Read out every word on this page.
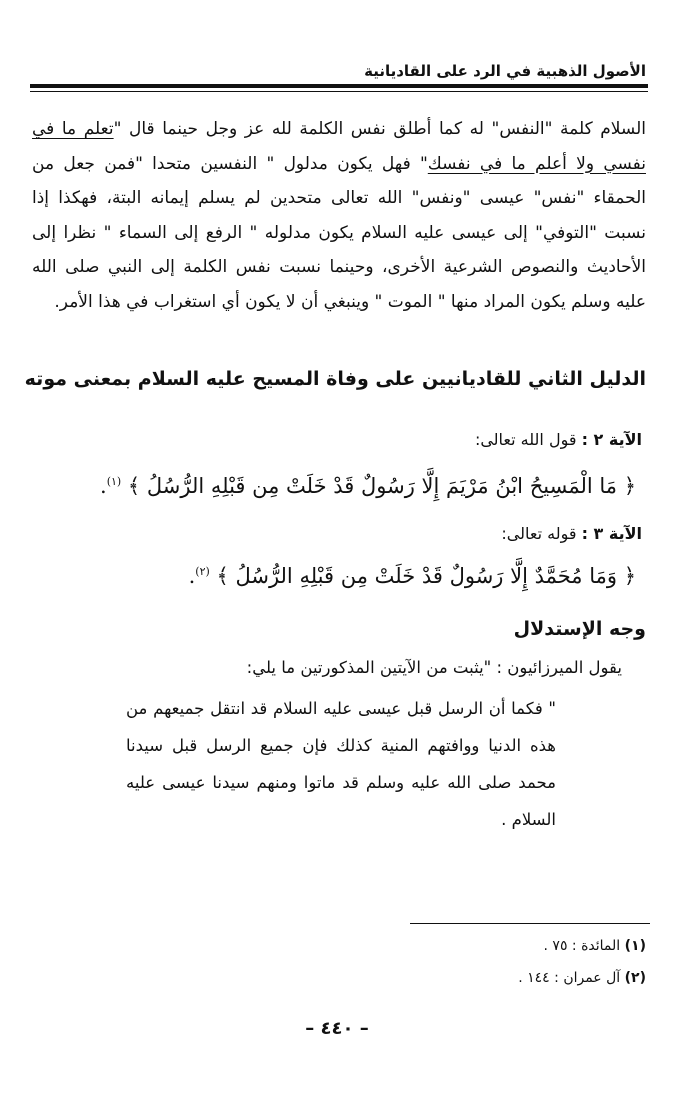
الأصول الذهبية في الرد على القاديانية
السلام كلمة "النفس" له كما أطلق نفس الكلمة لله عز وجل حينما قال "تعلم ما في نفسي ولا أعلم ما في نفسك" فهل يكون مدلول " النفسين متحدا "فمن جعل من الحمقاء "نفس" عيسى "ونفس" الله تعالى متحدين لم يسلم إيمانه البتة، فهكذا إذا نسبت "التوفي" إلى عيسى عليه السلام يكون مدلوله " الرفع إلى السماء " نظرا إلى الأحاديث والنصوص الشرعية الأخرى، وحينما نسبت نفس الكلمة إلى النبي صلى الله عليه وسلم يكون المراد منها " الموت " وينبغي أن لا يكون أي استغراب في هذا الأمر.
الدليل الثاني للقاديانيين على وفاة المسيح عليه السلام بمعنى موته
الآية ٢ : قول الله تعالى:
﴿ مَا الْمَسِيحُ ابْنُ مَرْيَمَ إِلَّا رَسُولٌ قَدْ خَلَتْ مِن قَبْلِهِ الرُّسُلُ ﴾ $^{(١)}$.
الآية ٣ : قوله تعالى:
﴿ وَمَا مُحَمَّدٌ إِلَّا رَسُولٌ قَدْ خَلَتْ مِن قَبْلِهِ الرُّسُلُ ﴾ $^{(٢)}$.
وجه الإستدلال
يقول الميرزائيون : "يثبت من الآيتين المذكورتين ما يلي:
" فكما أن الرسل قبل عيسى عليه السلام قد انتقل جميعهم من هذه الدنيا ووافتهم المنية كذلك فإن جميع الرسل قبل سيدنا محمد صلى الله عليه وسلم قد ماتوا ومنهم سيدنا عيسى عليه السلام .
(١) المائدة : ٧٥ .
(٢) آل عمران : ١٤٤ .
– ٤٤٠ –
